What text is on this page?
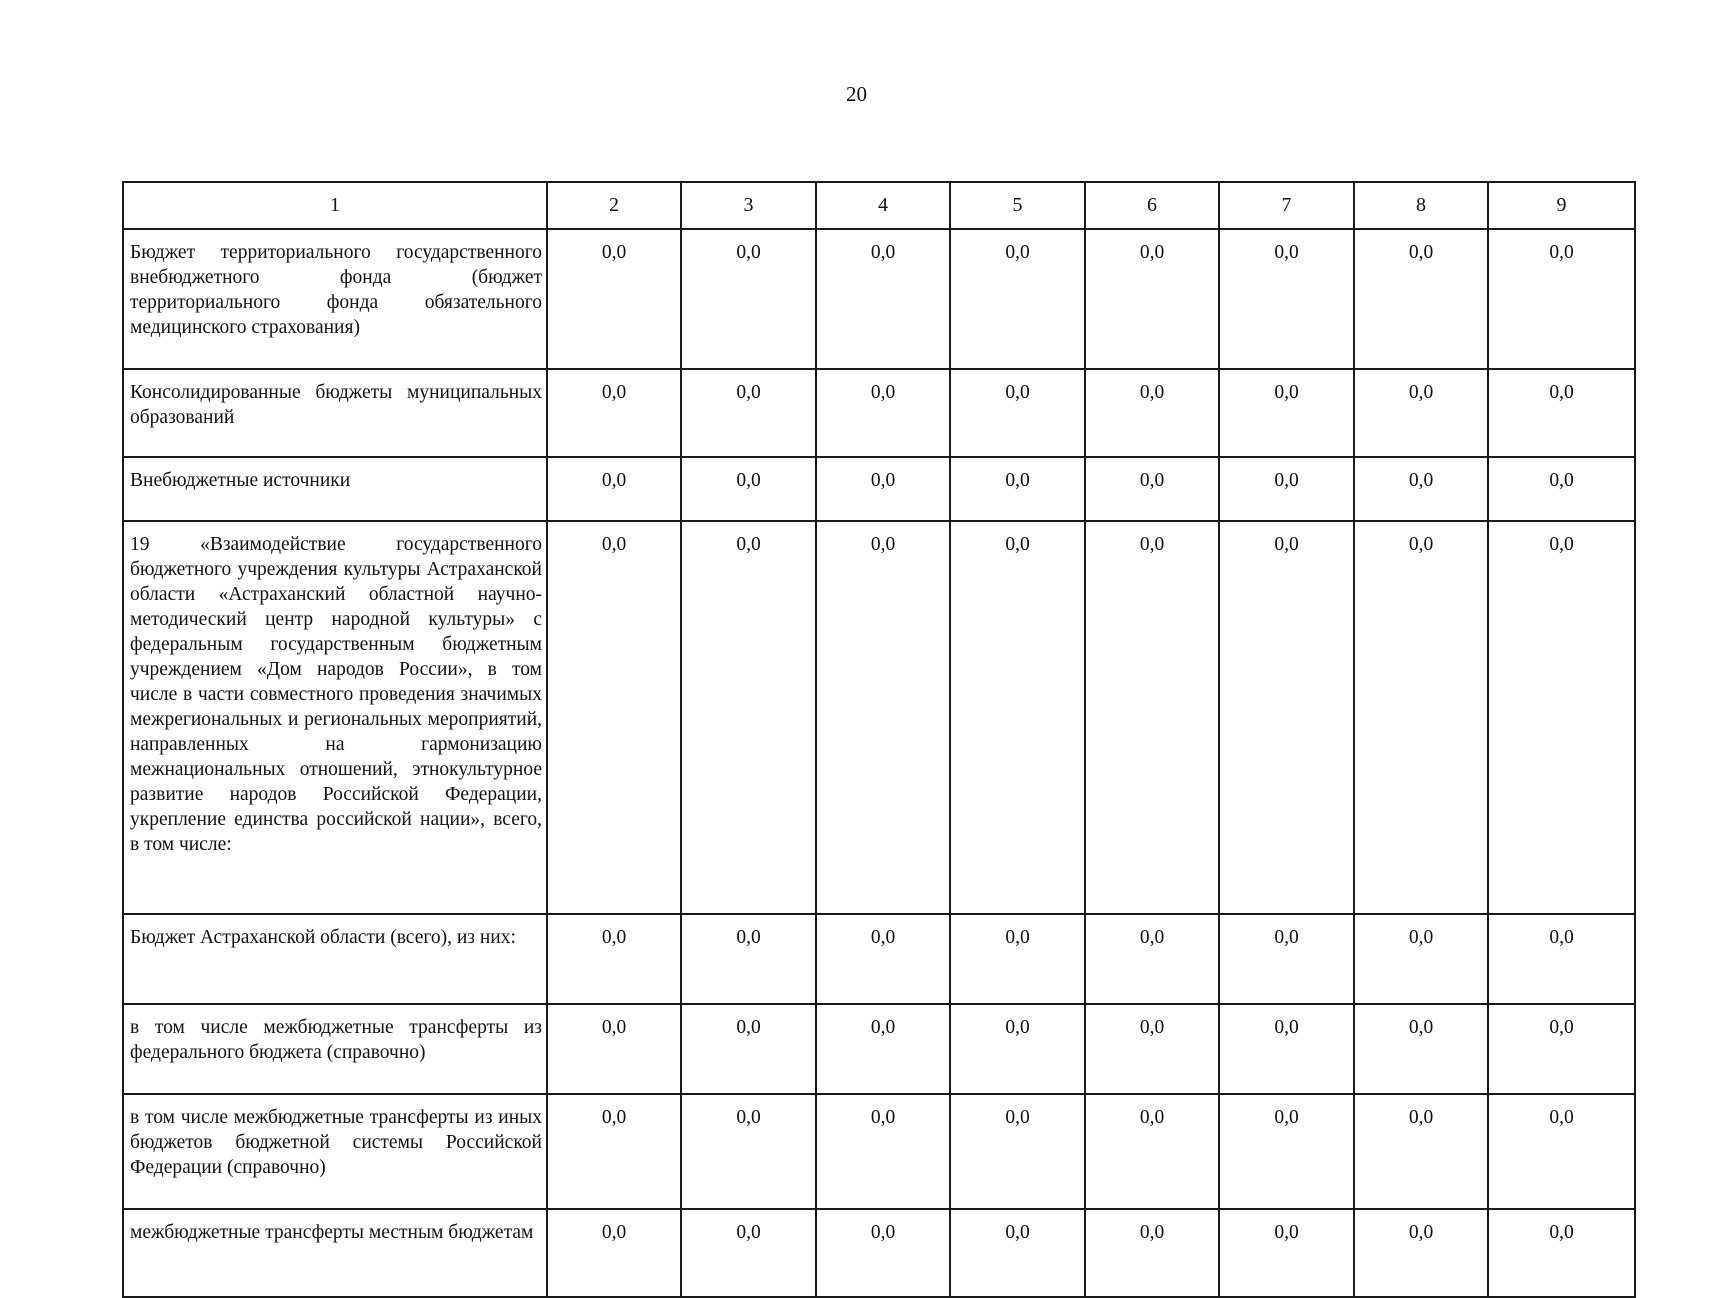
20
1	2	3	4	5	6	7	8	9
Бюджет территориального государственного внебюджетного фонда (бюджет территориального фонда обязательного медицинского страхования)	0,0	0,0	0,0	0,0	0,0	0,0	0,0	0,0
Консолидированные бюджеты муниципальных образований	0,0	0,0	0,0	0,0	0,0	0,0	0,0	0,0
Внебюджетные источники	0,0	0,0	0,0	0,0	0,0	0,0	0,0	0,0
19 «Взаимодействие государственного бюджетного учреждения культуры Астраханской области «Астраханский областной научно-методический центр народной культуры» с федеральным государственным бюджетным учреждением «Дом народов России», в том числе в части совместного проведения значимых межрегиональных и региональных мероприятий, направленных на гармонизацию межнациональных отношений, этнокультурное развитие народов Российской Федерации, укрепление единства российской нации», всего, в том числе:	0,0	0,0	0,0	0,0	0,0	0,0	0,0	0,0
Бюджет Астраханской области (всего), из них:	0,0	0,0	0,0	0,0	0,0	0,0	0,0	0,0
в том числе межбюджетные трансферты из федерального бюджета (справочно)	0,0	0,0	0,0	0,0	0,0	0,0	0,0	0,0
в том числе межбюджетные трансферты из иных бюджетов бюджетной системы Российской Федерации (справочно)	0,0	0,0	0,0	0,0	0,0	0,0	0,0	0,0
межбюджетные трансферты местным бюджетам	0,0	0,0	0,0	0,0	0,0	0,0	0,0	0,0
